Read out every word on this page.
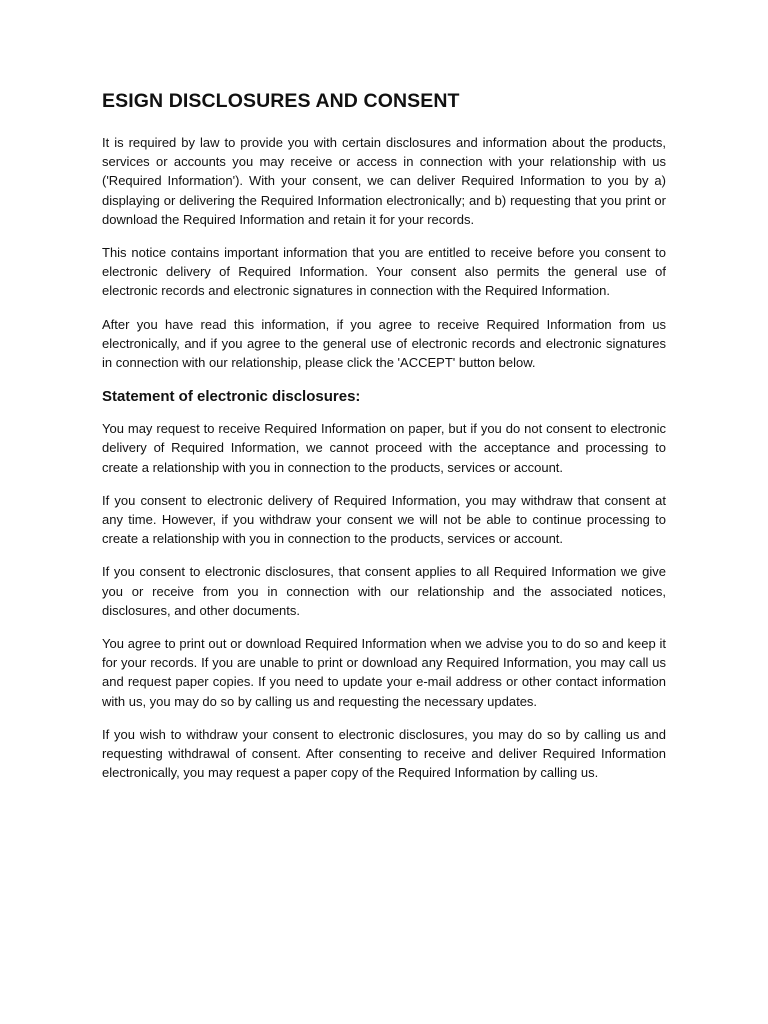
ESIGN DISCLOSURES AND CONSENT

It is required by law to provide you with certain disclosures and information about the products, services or accounts you may receive or access in connection with your relationship with us ('Required Information'). With your consent, we can deliver Required Information to you by a) displaying or delivering the Required Information electronically; and b) requesting that you print or download the Required Information and retain it for your records.

This notice contains important information that you are entitled to receive before you consent to electronic delivery of Required Information. Your consent also permits the general use of electronic records and electronic signatures in connection with the Required Information.

After you have read this information, if you agree to receive Required Information from us electronically, and if you agree to the general use of electronic records and electronic signatures in connection with our relationship, please click the 'ACCEPT' button below.

Statement of electronic disclosures:

You may request to receive Required Information on paper, but if you do not consent to electronic delivery of Required Information, we cannot proceed with the acceptance and processing to create a relationship with you in connection to the products, services or account.

If you consent to electronic delivery of Required Information, you may withdraw that consent at any time. However, if you withdraw your consent we will not be able to continue processing to create a relationship with you in connection to the products, services or account.

If you consent to electronic disclosures, that consent applies to all Required Information we give you or receive from you in connection with our relationship and the associated notices, disclosures, and other documents.

You agree to print out or download Required Information when we advise you to do so and keep it for your records. If you are unable to print or download any Required Information, you may call us and request paper copies. If you need to update your e-mail address or other contact information with us, you may do so by calling us and requesting the necessary updates.

If you wish to withdraw your consent to electronic disclosures, you may do so by calling us and requesting withdrawal of consent. After consenting to receive and deliver Required Information electronically, you may request a paper copy of the Required Information by calling us.
